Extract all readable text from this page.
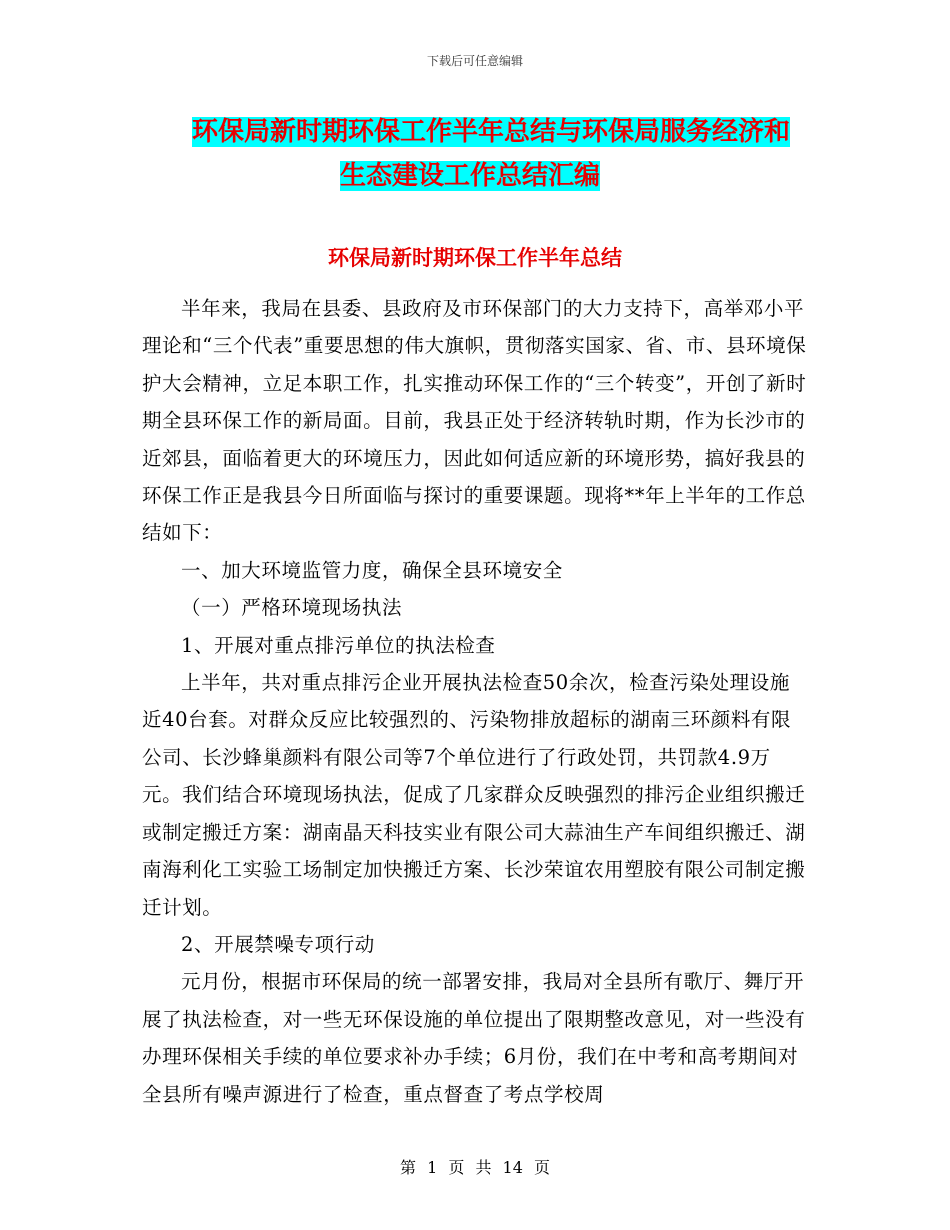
下载后可任意编辑
环保局新时期环保工作半年总结与环保局服务经济和
生态建设工作总结汇编
环保局新时期环保工作半年总结

半年来，我局在县委、县政府及市环保部门的大力支持下，高举邓小平理论和“三个代表”重要思想的伟大旗帜，贯彻落实国家、省、市、县环境保护大会精神，立足本职工作，扎实推动环保工作的“三个转变”，开创了新时期全县环保工作的新局面。目前，我县正处于经济转轨时期，作为长沙市的近郊县，面临着更大的环境压力，因此如何适应新的环境形势，搞好我县的环保工作正是我县今日所面临与探讨的重要课题。现将**年上半年的工作总结如下：

一、加大环境监管力度，确保全县环境安全

（一）严格环境现场执法

1、开展对重点排污单位的执法检查

上半年，共对重点排污企业开展执法检查50余次，检查污染处理设施近40台套。对群众反应比较强烈的、污染物排放超标的湖南三环颜料有限公司、长沙蜂巢颜料有限公司等7个单位进行了行政处罚，共罚款4.9万元。我们结合环境现场执法，促成了几家群众反映强烈的排污企业组织搬迁或制定搬迁方案：湖南晶天科技实业有限公司大蒜油生产车间组织搬迁、湖南海利化工实验工场制定加快搬迁方案、长沙荣谊农用塑胶有限公司制定搬迁计划。

2、开展禁噪专项行动

元月份，根据市环保局的统一部署安排，我局对全县所有歌厅、舞厅开展了执法检查，对一些无环保设施的单位提出了限期整改意见，对一些没有办理环保相关手续的单位要求补办手续；6月份，我们在中考和高考期间对全县所有噪声源进行了检查，重点督查了考点学校周

第 1 页 共 14 页
